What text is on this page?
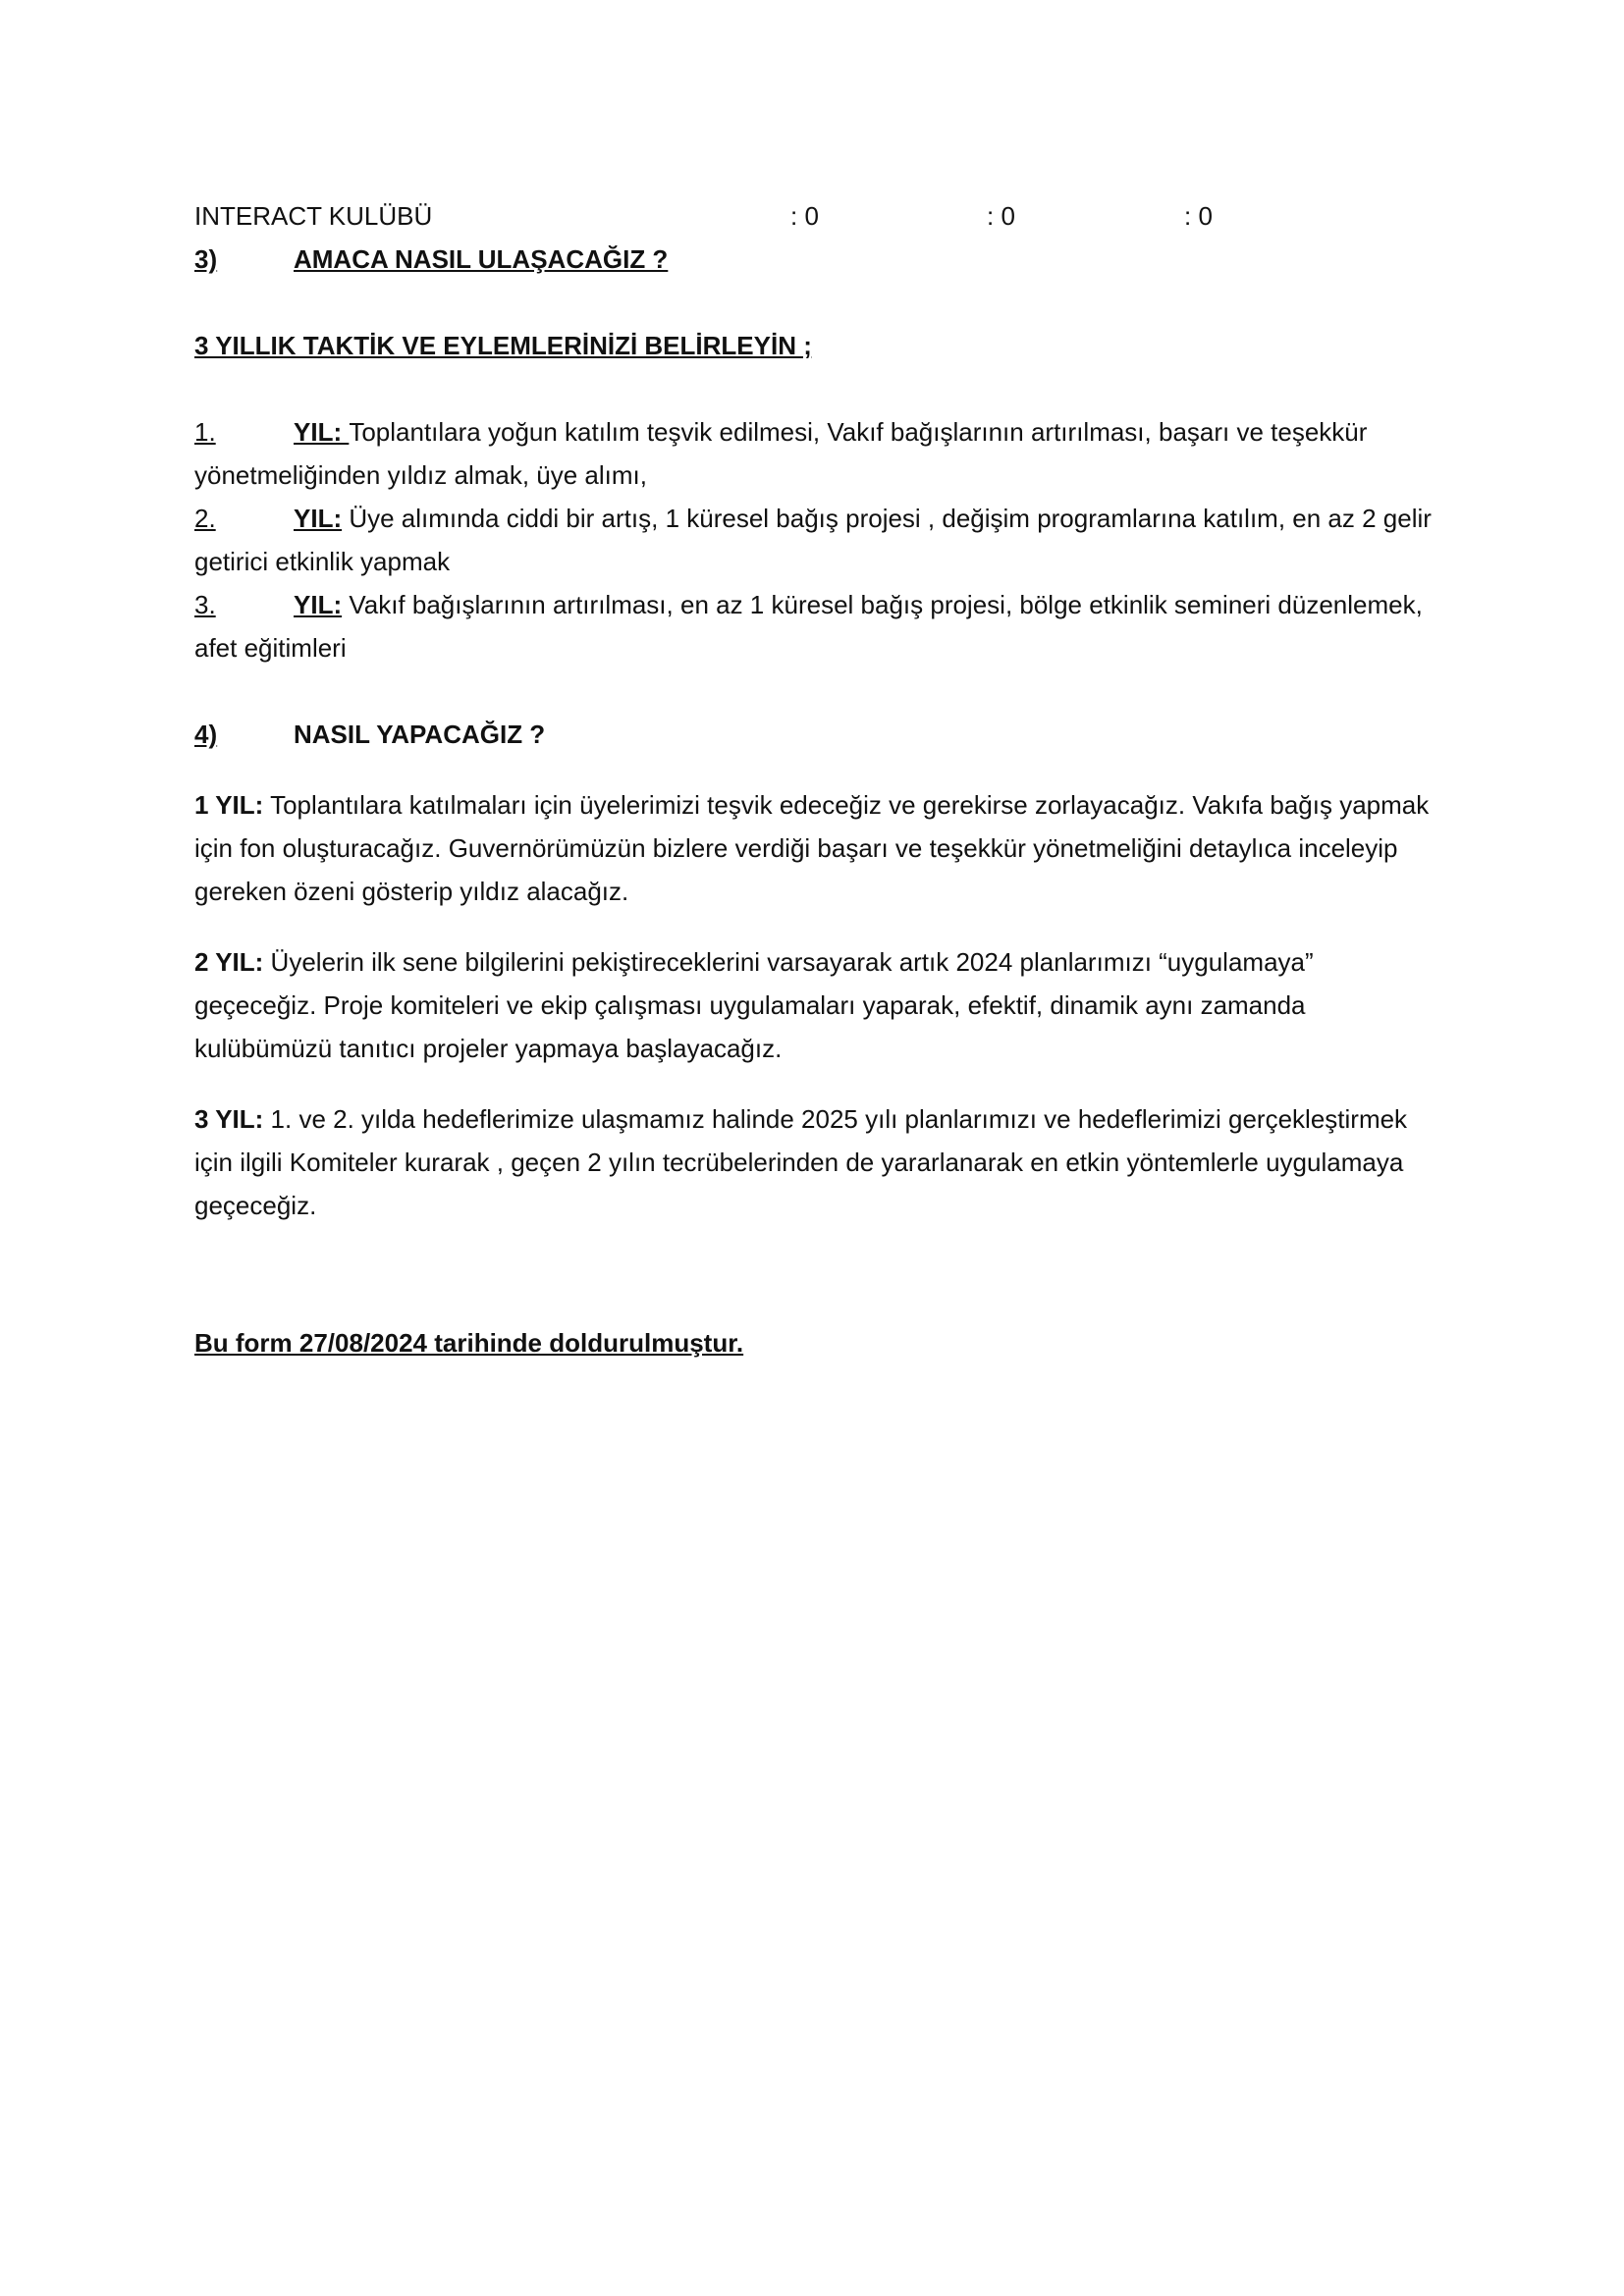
INTERACT KULÜBÜ	: 0	: 0	: 0
3)	AMACA NASIL ULAŞACAĞIZ ?
3 YILLIK TAKTİK VE EYLEMLERİNİZİ BELİRLEYİN ;
1.	YIL: Toplantılara yoğun katılım teşvik edilmesi, Vakıf bağışlarının artırılması, başarı ve teşekkür yönetmeliğinden yıldız almak, üye alımı,
2.	YIL: Üye alımında ciddi bir artış, 1 küresel bağış projesi , değişim programlarına katılım, en az 2 gelir getirici etkinlik yapmak
3.	YIL: Vakıf bağışlarının artırılması, en az 1 küresel bağış projesi, bölge etkinlik semineri düzenlemek, afet eğitimleri
4)	NASIL YAPACAĞIZ ?

1 YIL: Toplantılara katılmaları için üyelerimizi teşvik edeceğiz ve gerekirse zorlayacağız. Vakıfa bağış yapmak için fon oluşturacağız. Guvernörümüzün bizlere verdiği başarı ve teşekkür yönetmeliğini detaylıca inceleyip gereken özeni gösterip yıldız alacağız.

2 YIL: Üyelerin ilk sene bilgilerini pekiştireceklerini varsayarak artık 2024 planlarımızı “uygulamaya” geçeceğiz. Proje komiteleri ve ekip çalışması uygulamaları yaparak, efektif, dinamik aynı zamanda kulübümüzü tanıtıcı projeler yapmaya başlayacağız.

3 YIL: 1. ve 2. yılda hedeflerimize ulaşmamız halinde 2025 yılı planlarımızı ve hedeflerimizi gerçekleştirmek için ilgili Komiteler kurarak , geçen 2 yılın tecrübelerinden de yararlanarak en etkin yöntemlerle uygulamaya geçeceğiz.

Bu form 27/08/2024 tarihinde doldurulmuştur.
